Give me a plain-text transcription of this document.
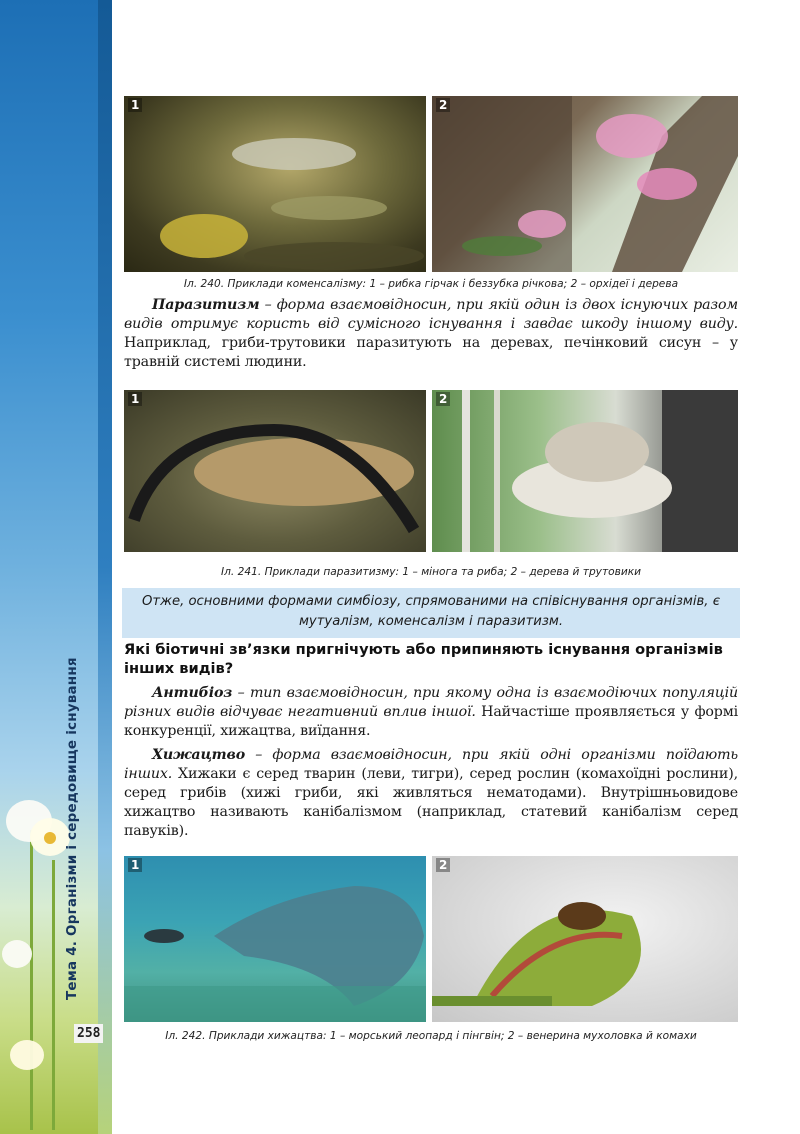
Тема 4. Організми і середовище існування
258
1	2
Іл. 240. Приклади коменсалізму: 1 – рибка гірчак і беззубка річкова; 2 – орхідеї і дерева
Паразитизм – форма взаємовідносин, при якій один із двох існуючих разом видів отримує користь від сумісного існування і завдає шкоду іншому виду. Наприклад, гриби-трутовики паразитують на деревах, печінковий сисун – у травній системі людини.
1	2
Іл. 241. Приклади паразитизму: 1 – мінога та риба; 2 – дерева й трутовики
Отже, основними формами симбіозу, спрямованими на співіснування організмів, є мутуалізм, коменсалізм і паразитизм.
Які біотичні зв’язки пригнічують або припиняють існування організмів інших видів?
Антибіоз – тип взаємовідносин, при якому одна із взаємодіючих популяцій різних видів відчуває негативний вплив іншої. Найчастіше проявляється у формі конкуренції, хижацтва, виїдання.
Хижацтво – форма взаємовідносин, при якій одні організми поїдають інших. Хижаки є серед тварин (леви, тигри), серед рослин (комахоїдні рослини), серед грибів (хижі гриби, які живляться нематодами). Внутрішньовидове хижацтво називають канібалізмом (наприклад, статевий канібалізм серед павуків).
1	2
Іл. 242. Приклади хижацтва: 1 – морський леопард і пінгвін; 2 – венерина мухоловка й комахи
